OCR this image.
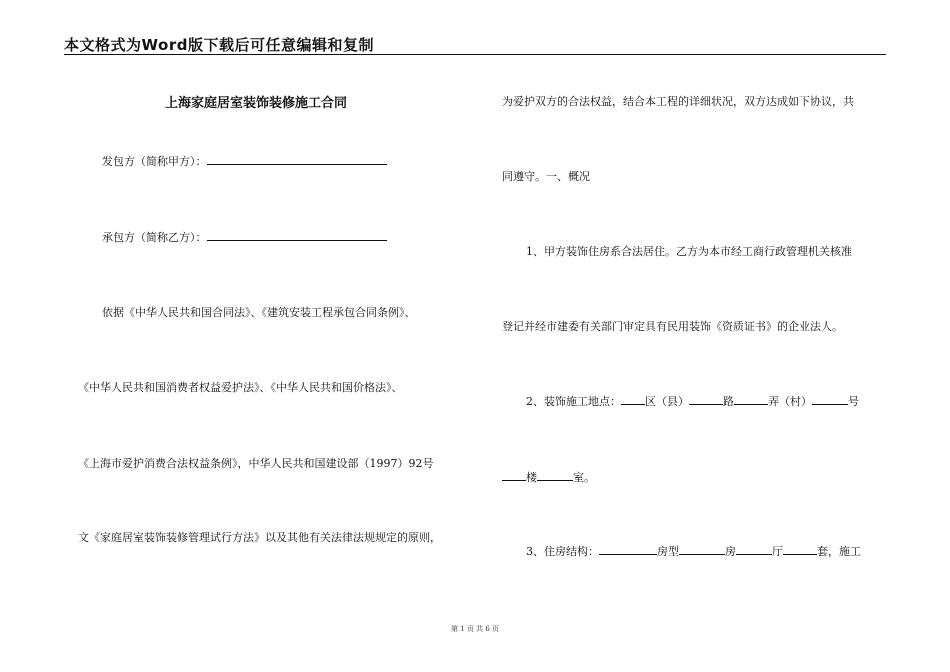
本文格式为Word版下载后可任意编辑和复制
上海家庭居室装饰装修施工合同
发包方（简称甲方）：
承包方（简称乙方）：
依据《中华人民共和国合同法》、《建筑安装工程承包合同条例》、
《中华人民共和国消费者权益爱护法》、《中华人民共和国价格法》、
《上海市爱护消费合法权益条例》，中华人民共和国建设部（1997）92号
文《家庭居室装饰装修管理试行方法》以及其他有关法律法规规定的原则，
为爱护双方的合法权益，结合本工程的详细状况，双方达成如下协议，共
同遵守。一、概况
1、甲方装饰住房系合法居住。乙方为本市经工商行政管理机关核准
登记并经市建委有关部门审定具有民用装饰《资质证书》的企业法人。
2、装饰施工地点： 区（县）	路	弄（村）	号
楼	室。
3、住房结构：	房型	房	厅	套，施工
第 1 页 共 6 页
